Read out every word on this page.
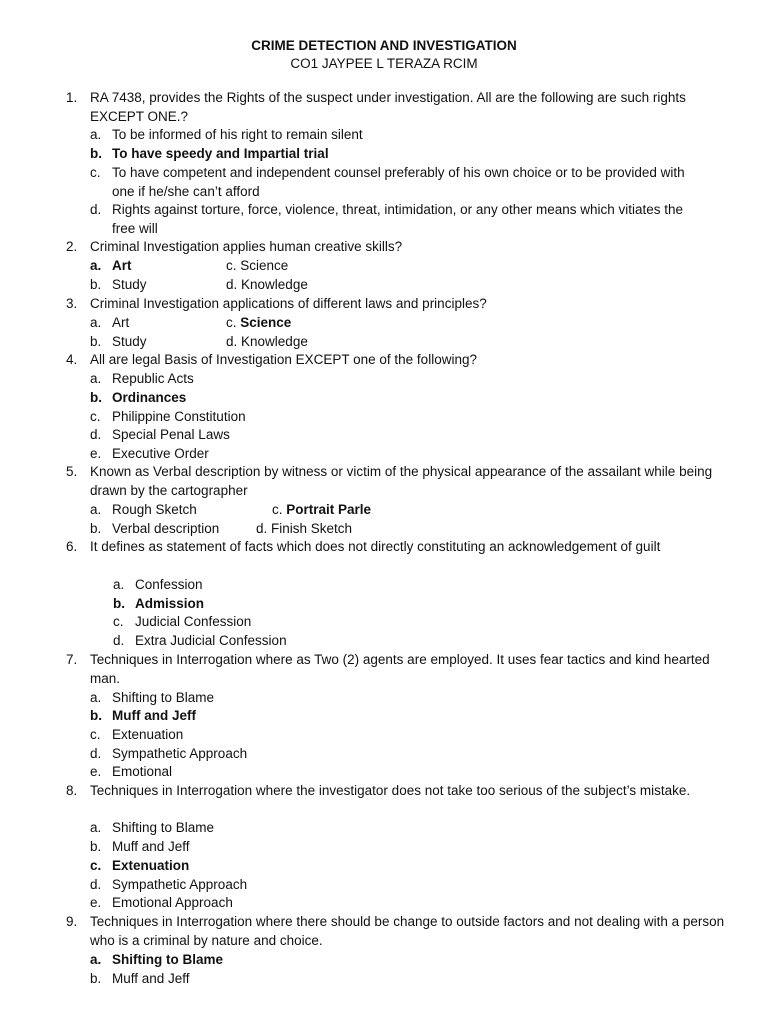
CRIME DETECTION AND INVESTIGATION
CO1 JAYPEE L TERAZA RCIM
1. RA 7438, provides the Rights of the suspect under investigation. All are the following are such rights EXCEPT ONE.?
a. To be informed of his right to remain silent
b. To have speedy and Impartial trial
c. To have competent and independent counsel preferably of his own choice or to be provided with one if he/she can’t afford
d. Rights against torture, force, violence, threat, intimidation, or any other means which vitiates the free will
2. Criminal Investigation applies human creative skills?
a. Art	c. Science
b. Study	d. Knowledge
3. Criminal Investigation applications of different laws and principles?
a. Art	c. Science
b. Study	d. Knowledge
4. All are legal Basis of Investigation EXCEPT one of the following?
a. Republic Acts
b. Ordinances
c. Philippine Constitution
d. Special Penal Laws
e. Executive Order
5. Known as Verbal description by witness or victim of the physical appearance of the assailant while being drawn by the cartographer
a. Rough Sketch	c. Portrait Parle
b. Verbal description	d. Finish Sketch
6. It defines as statement of facts which does not directly constituting an acknowledgement of guilt
a. Confession
b. Admission
c. Judicial Confession
d. Extra Judicial Confession
7. Techniques in Interrogation where as Two (2) agents are employed. It uses fear tactics and kind hearted man.
a. Shifting to Blame
b. Muff and Jeff
c. Extenuation
d. Sympathetic Approach
e. Emotional
8. Techniques in Interrogation where the investigator does not take too serious of the subject’s mistake.
a. Shifting to Blame
b. Muff and Jeff
c. Extenuation
d. Sympathetic Approach
e. Emotional Approach
9. Techniques in Interrogation where there should be change to outside factors and not dealing with a person who is a criminal by nature and choice.
a. Shifting to Blame
b. Muff and Jeff
